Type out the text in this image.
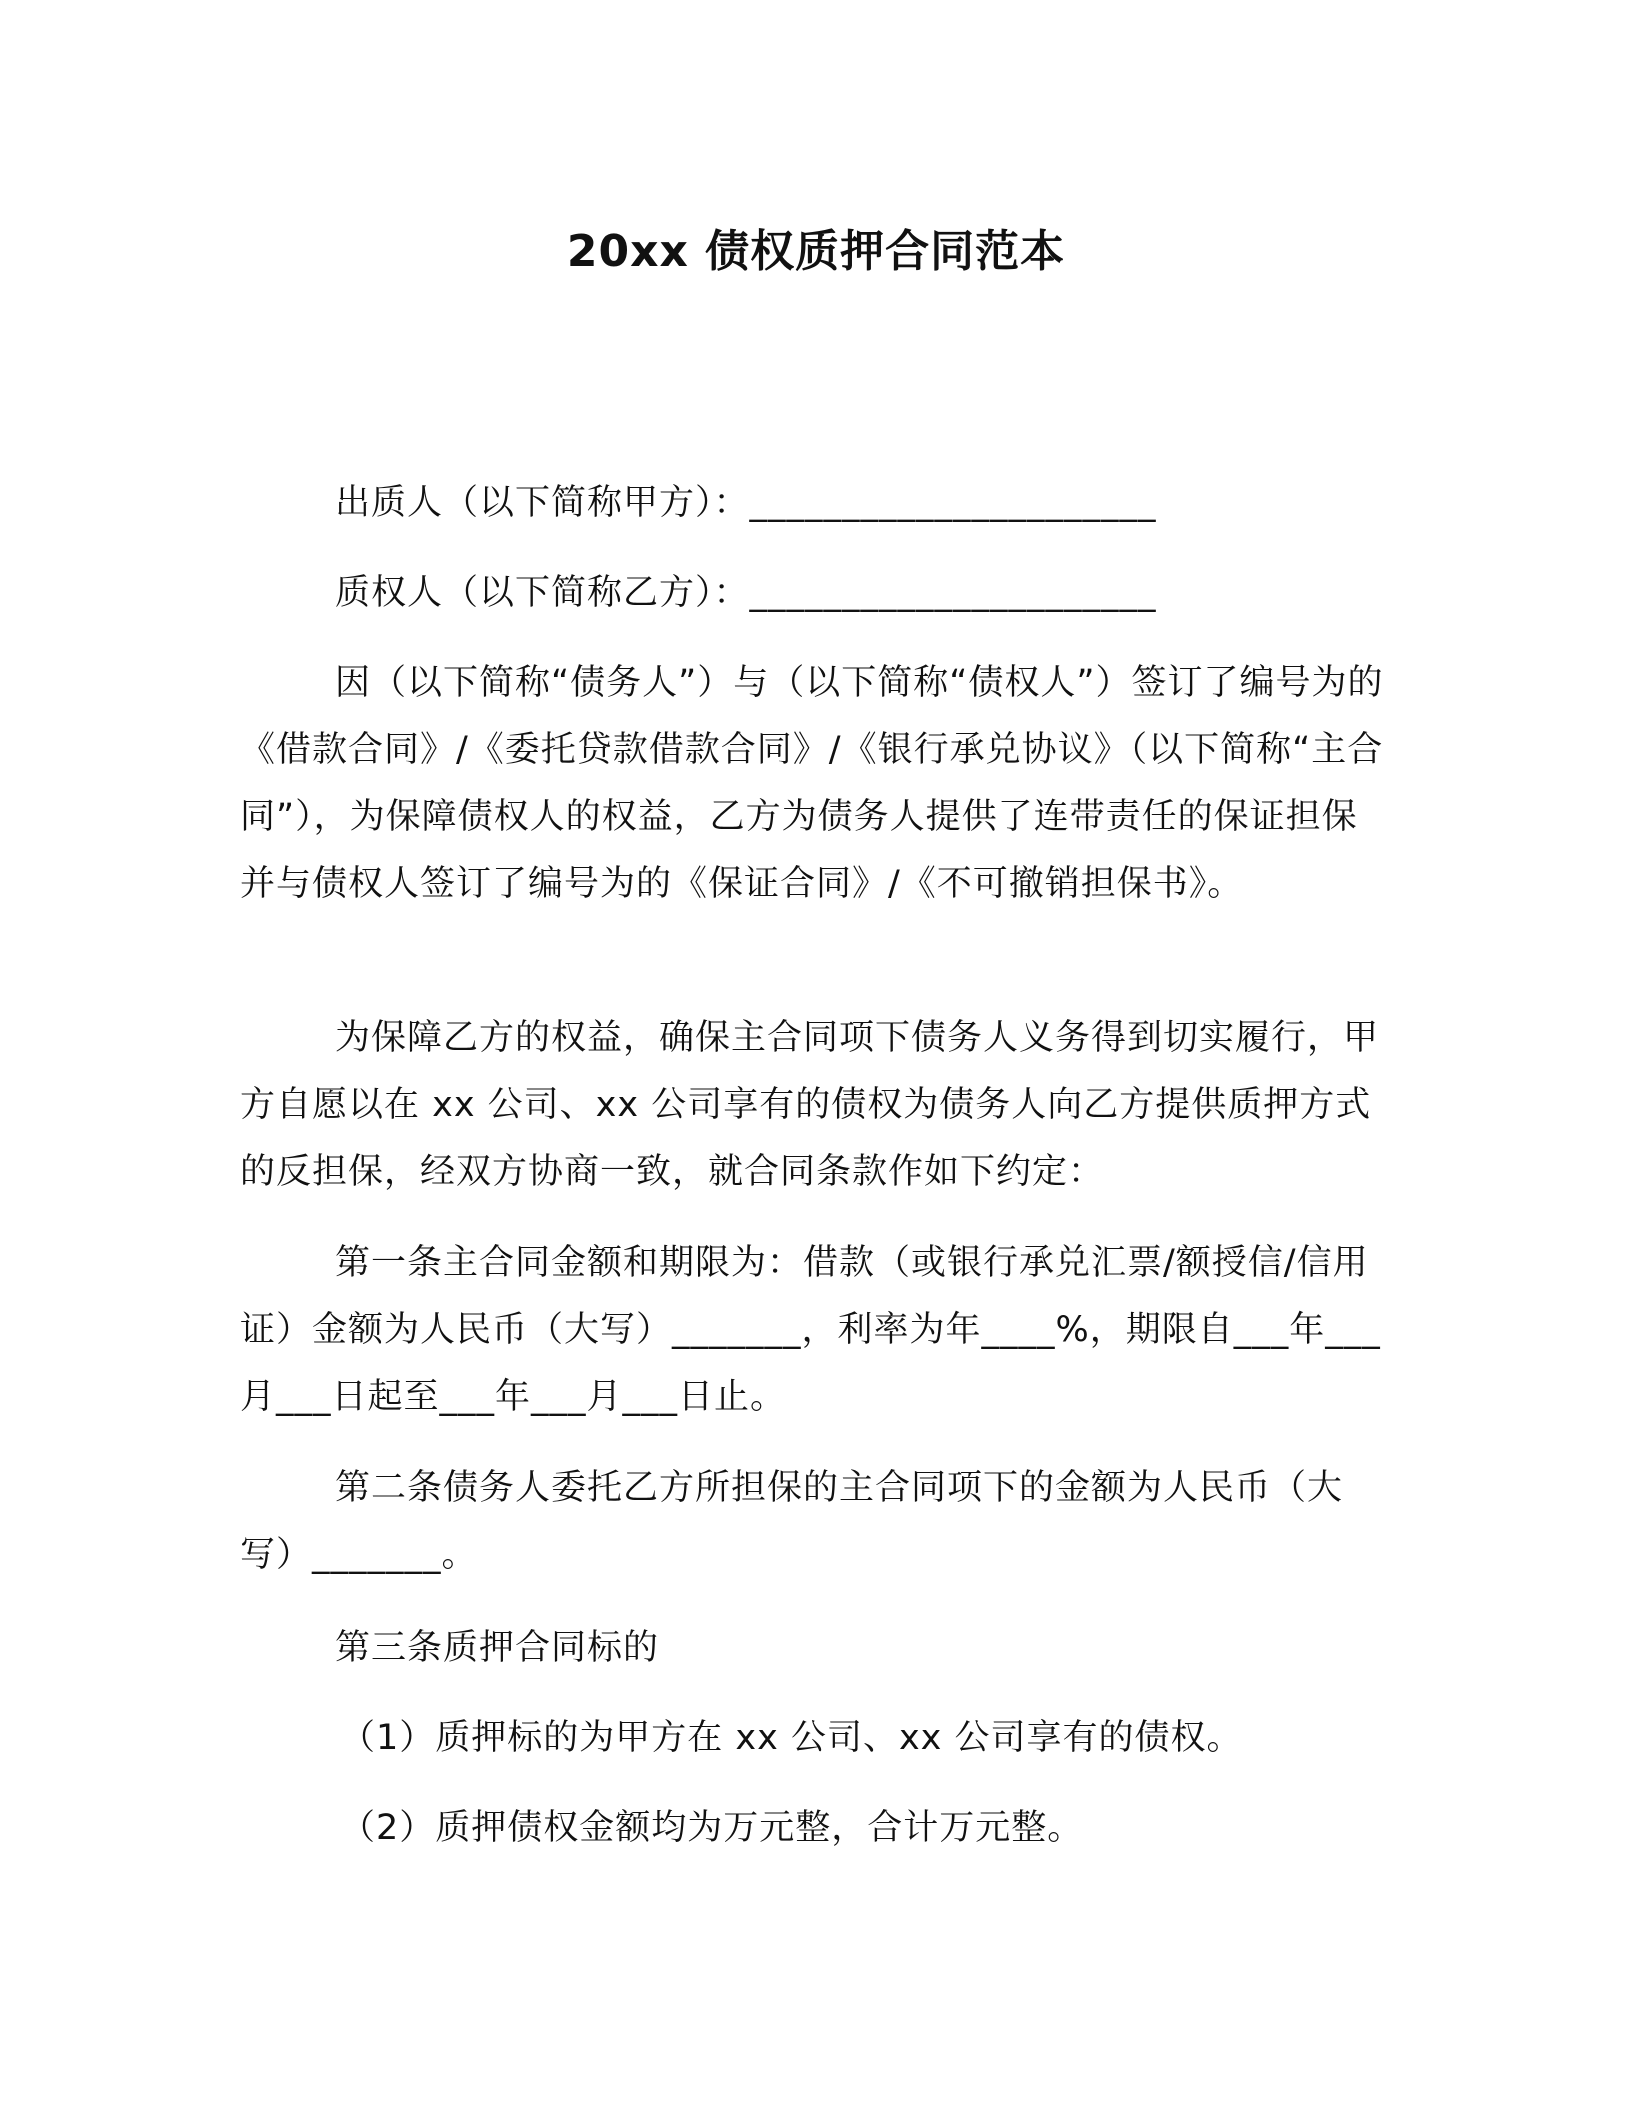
20xx 债权质押合同范本
出质人（以下简称甲方）：______________________
质权人（以下简称乙方）：______________________

因（以下简称“债务人”）与（以下简称“债权人”）签订了编号为的《借款合同》/《委托贷款借款合同》/《银行承兑协议》（以下简称“主合同”），为保障债权人的权益，乙方为债务人提供了连带责任的保证担保并与债权人签订了编号为的《保证合同》/《不可撤销担保书》。

为保障乙方的权益，确保主合同项下债务人义务得到切实履行，甲方自愿以在 xx 公司、xx 公司享有的债权为债务人向乙方提供质押方式的反担保，经双方协商一致，就合同条款作如下约定：

第一条主合同金额和期限为：借款（或银行承兑汇票/额授信/信用证）金额为人民币（大写）_______，利率为年____%，期限自___年___月___日起至___年___月___日止。

第二条债务人委托乙方所担保的主合同项下的金额为人民币（大写）_______。

第三条质押合同标的

（1）质押标的为甲方在 xx 公司、xx 公司享有的债权。

（2）质押债权金额均为万元整，合计万元整。
